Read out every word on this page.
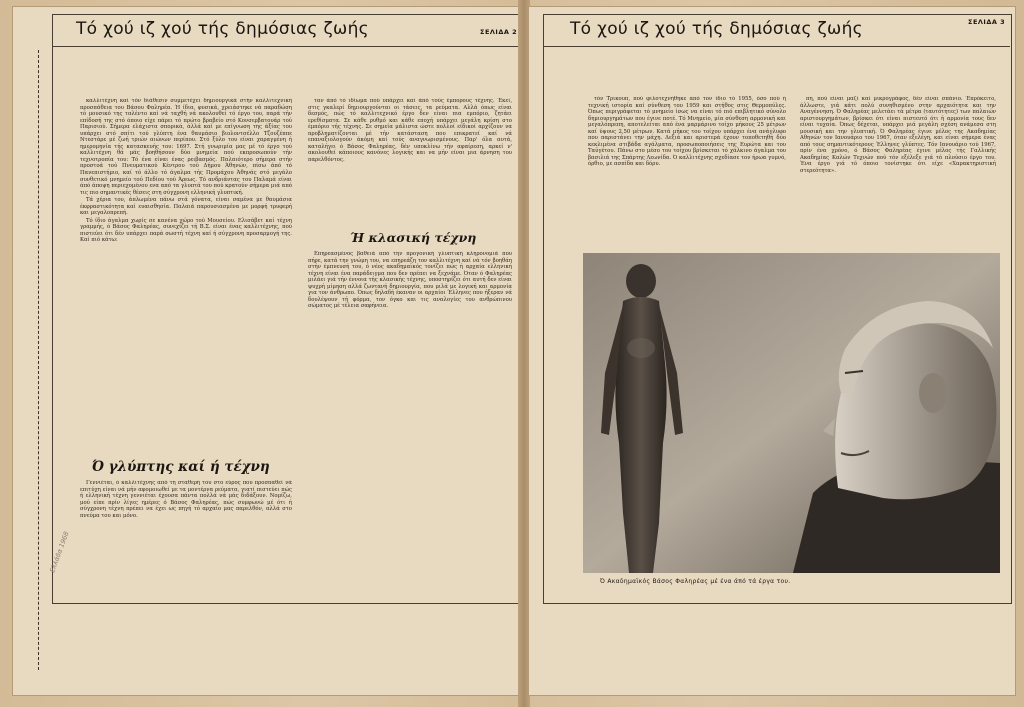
Τό χού ιζ χού τής δημόσιας ζωής	ΣΕΛΙΔΑ 2

καλλιτέχνη καί τόν διάθεσιν συμμετέχει δημιουργικά στήν καλλιτεχνική προσπάθεια του Βάσου Φαληρέα. Ή ίδια, φυσικά, χρειάστηκε νά παραδώση τό μουσικό της ταλέντο καί νά ταχθή νά ακολουθεί τό έργο του, παρά τήν επίδοσή της στό όποιο είχε πάρει τό πρώτο βραβείο στό Κονσερβατουάρ τού Παρισιού. Σήμερα ελάχιστα σπορικά, άλλά καί με επίγνωση της άξίας του υπάρχει στό σπίτι τού γλύπτη ένα θαυμάσιο βιολοντσέλλο Τζουζέππε Ντεστάρε μέ ζωή τριών αιώνων περίπου. Στό ξύλο του είναι χαραγμένη ή ημερομηνία τής κατασκευής του: 1697. Στή γνωριμία μας μέ τό έργο τού καλλιτέχνη θά μάς βοηθήσουν δύο μνημεία πού εκπροσωπούν τήν τεχνοτροπία του: Τό ένα είναι ένας ρειβασμός. Παλαιότερο σήμερα στήν προστοά τού Πνευματικού Κέντρου τού Δήμου Άθηνών, πίσω άπό τό Πανεπιστήμιο, καί τό άλλο τό άγαλμα τής Προμάχου Άθηνάς στό μεγάλο συνθετικό μνημείο τού Πεδίου τού Άρεως. Τό ανδριάντας του Παλαμά είναι άπό άποψη περιεχομένου ενα από τα γλυπτά του πού κρατούν σήμερα μιά από τις πιο σημαντικές θέσεις στη σύγχρονη ελληνική γλυπτική.

Τά χέρια του, άπλωμένα πάνω στά γόνατα, είναι σαμένα με θαυμάσια έκφραστικότητα καί ευαισθησία. Παλαιά παρουσιασμένα με μορφή τρυφερή και μεγαλοπρεπή.

Τό ίδιο άγαλμα χωρίς σε κανένα χώρο τού Μουσείου. Ελισάβετ καί τέχνη γραμμής, ό Βάσος Φαληρέας, συνεχίζει τή Β.Σ. είναι ένας καλλιτέχνης, πού πιστεύει ότι δέν υπάρχει παρά σωστή τέχνη καί ή σύγχρονη προσαρμογή της. Καί πιό κάτω:

Ό γλύπτης καί ή τέχνη

Γεννιέται, ό καλλιτέχνης από τη σταθερή του στο εύρος που προσπαθεί νά επιτύχη είναι νά μήν αφομοιωθεί με τα μοντέρνα ρεύματα, γιατί πιστεύει πώς ή ελληνική τέχνη γεννιέται έχουσα πάντα πολλά νά μάς διδάξουν. Νομίζω, μού είπε πρίν λίγες ημέρες ό Βάσος Φαληρέας, πώς συμφωνώ μέ ότι ή σύγχρονη τέχνη πρέπει να έχει ως πηγή τό αρχαίο μας παρελθόν, αλλά στο πνεύμα του και μόνο.

ταν άπό τό ιδίωμα πού υπάρχει καί άπό τούς έμπορους τέχνης. Έκεί, στις γκαλερί δημιουργούνται οι τάσεις, τα ρεύματα. Αλλά όπως είναι δεσμός, πώς τό καλλιτεχνικό έργο δεν είναι πια εμπόριο, ζητάει ερεθίσματα. Σε κάθε ρυθμό και κάθε εποχή υπάρχει μεγάλη κρίση στο έμπόριο τής τέχνης. Σε σημεία μάλιστα ώστε πολλοί είδικοί αρχίζουν να προβληματίζονται μέ τήν κατάσταση που επικρατεί καί νά επαναξιολογούν άκόμη καί τούς αναγνωρισμένους. Παρ' όλα αυτά, καταλήγει ό Βάσος Φαληρέας, δέν υποκλίνω τήν αφαίρεση, αρκεί ν' ακολουθεί κάποιους κανόνες λογικής και να μήν είναι μια άρνηση του παρελθόντος.

Ή κλασική τέχνη

Επηρεασμένος βαθειά από την προγονική γλυπτική κληρονομιά που πήρε, κατά την γνώμη του, να επηρεάζη τον καλλιτέχνη καί νά τόν βοηθάη στήν έμπνευσή του, ό νέος ακαδημαϊκός τονίζει πώς ή αρχαία ελληνική τέχνη είναι ένα παράδειγμα που δεν πρέπει να ξεχνάμε. Όταν ό Φαληρέας μιλάει γιά τήν έννοια τής κλασικής τέχνης, υποστηρίζει ότι αυτή δεν είναι ψυχρή μίμηση αλλά ζωντανή δημιουργία, που μιλά με λογική και αρμονία για τον άνθρωπο. Όπως δηλαδή έκαναν οι αρχαίοι Έλληνες που ήξεραν νά δουλέψουν τή φόρμα, τον όγκο και τις αναλογίες του ανθρώπινου σώματος μέ τέλεια σαφήνεια.

Ελλάδα 1968
Τό χού ιζ χού τής δημόσιας ζωής	ΣΕΛΙΔΑ 3

τόν Τρικουπ, πού φιλοτεχνήθηκε από τον ίδιο τό 1955, όσο πού ή τεχνική ιστορία καί σύνθεση του 1959 και στήθος στις Θερμοπύλες. Όπως περιγράφεται τό μνημείο ίσως να είναι τό πιό επιβλητικό σύνολο δημιουργημάτων που έγινε ποτέ. Τό Μνημείο, μία σύνθεση αρμονική και μεγαλόπρεπη, αποτελείται από ένα μαρμάρινο τοίχο μήκους 25 μέτρων καί ύψους 2,50 μέτρων. Κατά μήκος του τοίχου υπάρχει ένα ανάγλυφο που παριστάνει την μάχη. Δεξιά και αριστερά έχουν τοποθετηθή δύο κεκλιμένα στιβάδα αγάλματα, προσωποποιήσεις της Ευρώτα και του Ταϋγέτου. Πάνω στο μέσο του τοίχου βρίσκεται τό χάλκινο άγαλμα του βασιλιά της Σπάρτης Λεωνίδα. Ό καλλιτέχνης σχεδίασε τον ήρωα γυμνό, όρθιο, με ασπίδα και δόρυ.

πη, πού είναι μαζί καί μικρογράφος, δέν είναι σπάνιο. Έπρόκειτο, άλλωστε, γιά κάτι πολύ συνηθισμένο στην αρχαιότητα και την Αναγέννηση. Ό Φαληρέας μελετάει τά μέτρα (ταυτότητες) των παλαιών αριστουργημάτων, βρίσκει ότι είναι πιστευτό ότι ή αρμονία τους δεν είναι τυχαία. Όπως δέχεται, υπάρχει μιά μεγάλη σχέση ανάμεσα στη μουσική και την γλυπτική. Ό Φαληρέας έγινε μέλος της Ακαδημίας Αθηνών τον Ιανουάριο του 1967, όταν εξελέγη, και είναι σήμερα ένας από τους σημαντικότερους Έλληνες γλύπτες. Τόν Ιανουάριο τού 1967, πρίν ένα χρόνο, ό Βάσος Φαληρέας έγινε μέλος τής Γαλλικής Ακαδημίας Καλών Τεχνών πού τόν εξέλεξε γιά τό πλούσιο έργο του. Ένα έργο γιά τό όποιο τονίστηκε ότι είχε «Χαρακτηριστική στερεότητα».

Ό Ακαδημαϊκός Βάσος Φαληρέας μέ ένα άπό τά έργα του.
